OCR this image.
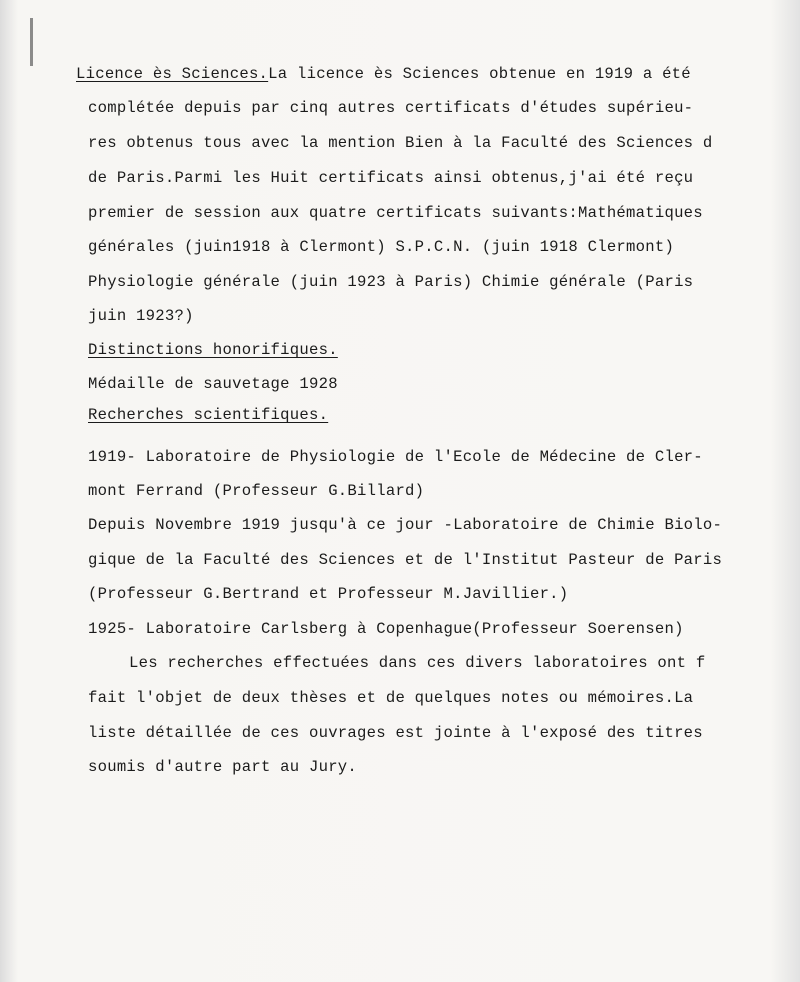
Licence ès Sciences.La licence ès Sciences obtenue en 1919 a été

complétée depuis par cinq autres certificats d'études supérieu-

res obtenus tous avec la mention Bien à la Faculté des Sciences d

de Paris.Parmi les Huit certificats ainsi obtenus,j'ai été reçu

premier de session aux quatre certificats suivants:Mathématiques

générales (juin1918 à Clermont) S.P.C.N. (juin 1918 Clermont)

Physiologie générale (juin 1923 à Paris) Chimie générale (Paris

juin 1923?)

Distinctions honorifiques.

Médaille de sauvetage 1928

Recherches scientifiques.

1919- Laboratoire de Physiologie de l'Ecole de Médecine de Cler-

mont Ferrand (Professeur G.Billard)

Depuis Novembre 1919 jusqu'à ce jour -Laboratoire de Chimie Biolo-

gique de la Faculté des Sciences et de l'Institut Pasteur de Paris

(Professeur G.Bertrand et Professeur M.Javillier.)

1925- Laboratoire Carlsberg à Copenhague(Professeur Soerensen)

Les recherches effectuées dans ces divers laboratoires ont f

fait l'objet de deux thèses et de quelques notes ou mémoires.La

liste détaillée de ces ouvrages est jointe à l'exposé des titres

soumis d'autre part au Jury.
